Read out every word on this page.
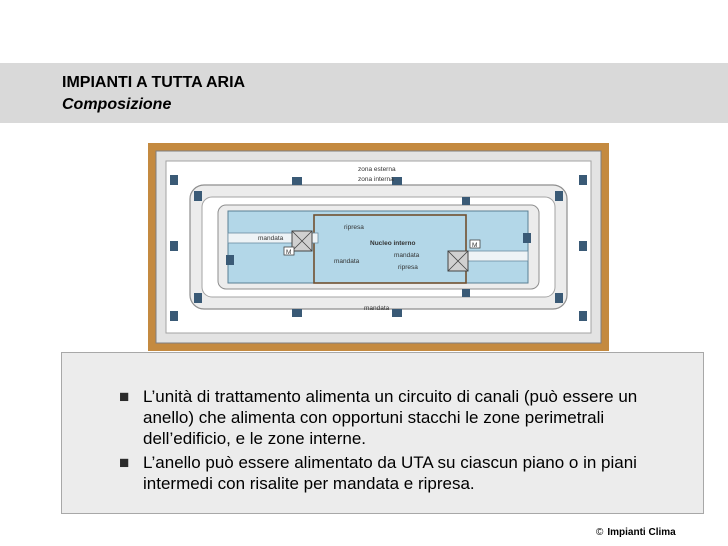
IMPIANTI A TUTTA ARIA
Composizione
M
M
zona esterna
zona interna
ripresa
mandata
Nucleo interno
mandata
mandata
ripresa
mandata
■ L’unità di trattamento alimenta un circuito di canali (può essere un anello) che alimenta con opportuni stacchi le zone perimetrali dell’edificio, e le zone interne.
■ L’anello può essere alimentato da UTA su ciascun piano o in piani intermedi con risalite per mandata e ripresa.
© Impianti Clima
